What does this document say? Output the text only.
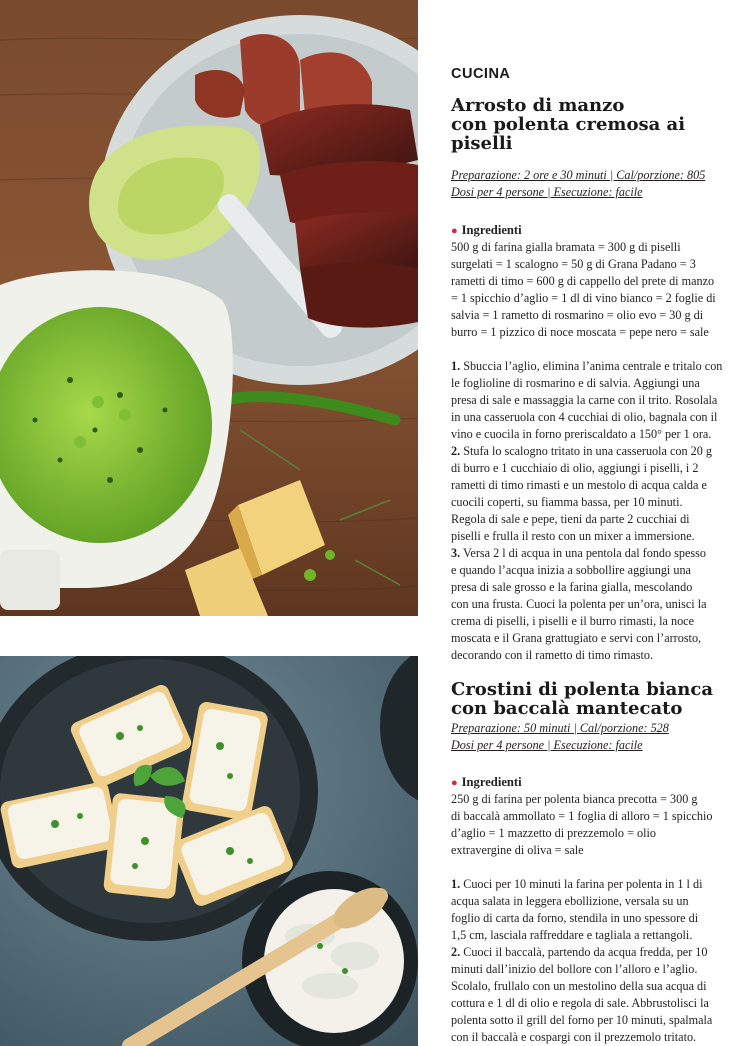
CUCINA
Arrosto di manzo
con polenta cremosa ai piselli
Preparazione: 2 ore e 30 minuti | Cal/porzione: 805
Dosi per 4 persone | Esecuzione: facile
● Ingredienti
500 g di farina gialla bramata = 300 g di piselli
surgelati = 1 scalogno = 50 g di Grana Padano = 3
rametti di timo = 600 g di cappello del prete di manzo
= 1 spicchio d’aglio = 1 dl di vino bianco = 2 foglie di
salvia = 1 rametto di rosmarino = olio evo = 30 g di
burro = 1 pizzico di noce moscata = pepe nero = sale
1. Sbuccia l’aglio, elimina l’anima centrale e tritalo con
le foglioline di rosmarino e di salvia. Aggiungi una
presa di sale e massaggia la carne con il trito. Rosolala
in una casseruola con 4 cucchiai di olio, bagnala con il
vino e cuocila in forno preriscaldato a 150° per 1 ora.
2. Stufa lo scalogno tritato in una casseruola con 20 g
di burro e 1 cucchiaio di olio, aggiungi i piselli, i 2
rametti di timo rimasti e un mestolo di acqua calda e
cuocili coperti, su fiamma bassa, per 10 minuti.
Regola di sale e pepe, tieni da parte 2 cucchiai di
piselli e frulla il resto con un mixer a immersione.
3. Versa 2 l di acqua in una pentola dal fondo spesso
e quando l’acqua inizia a sobbollire aggiungi una
presa di sale grosso e la farina gialla, mescolando
con una frusta. Cuoci la polenta per un’ora, unisci la
crema di piselli, i piselli e il burro rimasti, la noce
moscata e il Grana grattugiato e servi con l’arrosto,
decorando con il rametto di timo rimasto.
Crostini di polenta bianca
con baccalà mantecato
Preparazione: 50 minuti | Cal/porzione: 528
Dosi per 4 persone | Esecuzione: facile
● Ingredienti
250 g di farina per polenta bianca precotta = 300 g
di baccalà ammollato = 1 foglia di alloro = 1 spicchio
d’aglio = 1 mazzetto di prezzemolo = olio
extravergine di oliva = sale
1. Cuoci per 10 minuti la farina per polenta in 1 l di
acqua salata in leggera ebollizione, versala su un
foglio di carta da forno, stendila in uno spessore di
1,5 cm, lasciala raffreddare e tagliala a rettangoli.
2. Cuoci il baccalà, partendo da acqua fredda, per 10
minuti dall’inizio del bollore con l’alloro e l’aglio.
Scolalo, frullalo con un mestolino della sua acqua di
cottura e 1 dl di olio e regola di sale. Abbrustolisci la
polenta sotto il grill del forno per 10 minuti, spalmala
con il baccalà e cospargi con il prezzemolo tritato.
